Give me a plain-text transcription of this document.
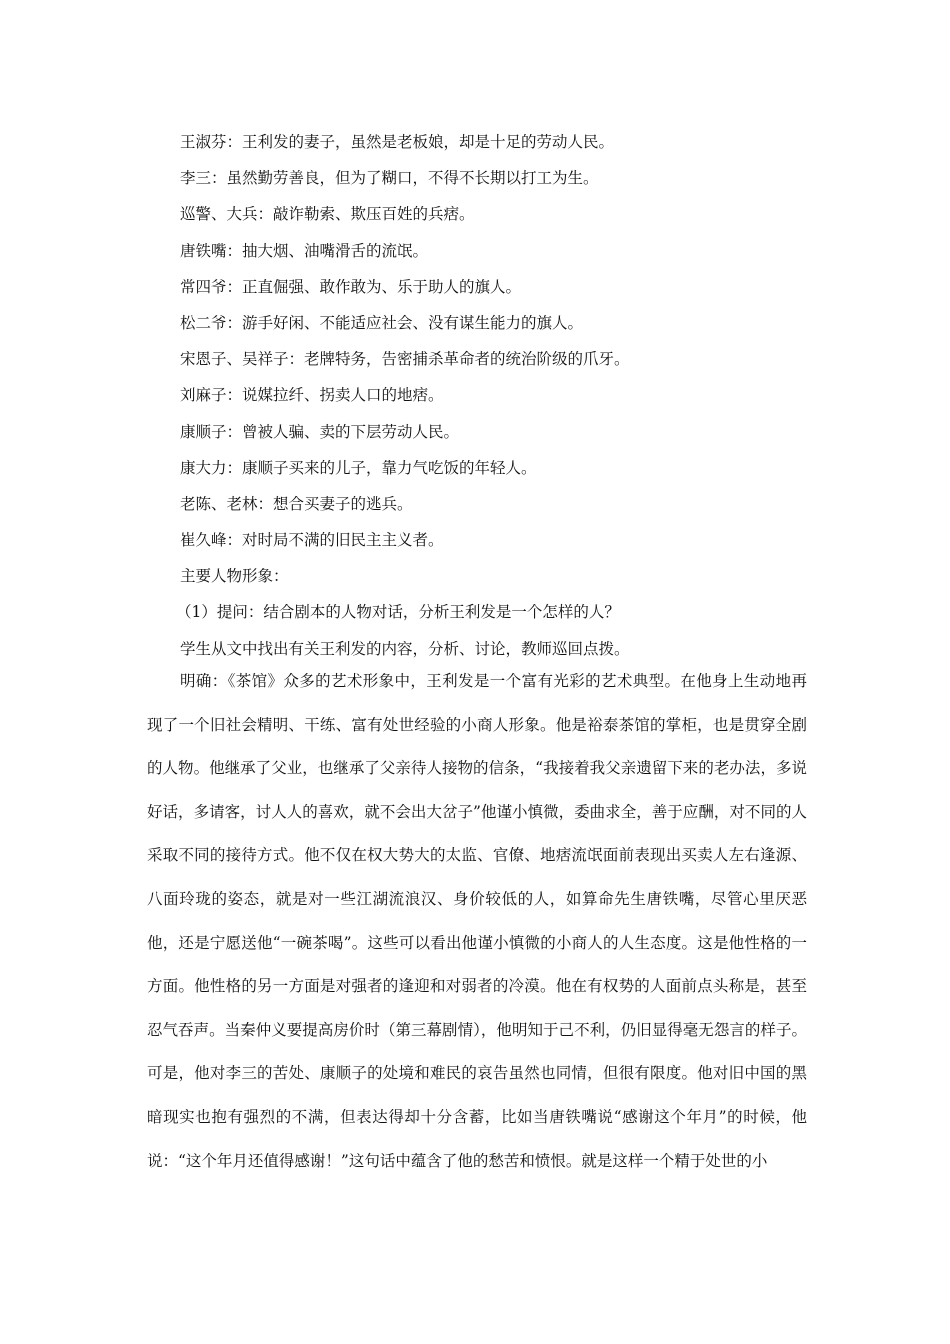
王淑芬：王利发的妻子，虽然是老板娘，却是十足的劳动人民。

李三：虽然勤劳善良，但为了糊口，不得不长期以打工为生。

巡警、大兵：敲诈勒索、欺压百姓的兵痞。

唐铁嘴：抽大烟、油嘴滑舌的流氓。

常四爷：正直倔强、敢作敢为、乐于助人的旗人。

松二爷：游手好闲、不能适应社会、没有谋生能力的旗人。

宋恩子、吴祥子：老牌特务，告密捕杀革命者的统治阶级的爪牙。

刘麻子：说媒拉纤、拐卖人口的地痞。

康顺子：曾被人骗、卖的下层劳动人民。

康大力：康顺子买来的儿子，靠力气吃饭的年轻人。

老陈、老林：想合买妻子的逃兵。

崔久峰：对时局不满的旧民主主义者。

主要人物形象：

（1）提问：结合剧本的人物对话，分析王利发是一个怎样的人？

学生从文中找出有关王利发的内容，分析、讨论，教师巡回点拨。

明确：《茶馆》众多的艺术形象中，王利发是一个富有光彩的艺术典型。在他身上生动地再现了一个旧社会精明、干练、富有处世经验的小商人形象。他是裕泰茶馆的掌柜，也是贯穿全剧的人物。他继承了父业，也继承了父亲待人接物的信条，“我接着我父亲遗留下来的老办法，多说好话，多请客，讨人人的喜欢，就不会出大岔子”他谨小慎微，委曲求全，善于应酬，对不同的人采取不同的接待方式。他不仅在权大势大的太监、官僚、地痞流氓面前表现出买卖人左右逢源、八面玲珑的姿态，就是对一些江湖流浪汉、身价较低的人，如算命先生唐铁嘴，尽管心里厌恶他，还是宁愿送他“一碗茶喝”。这些可以看出他谨小慎微的小商人的人生态度。这是他性格的一方面。他性格的另一方面是对强者的逢迎和对弱者的冷漠。他在有权势的人面前点头称是，甚至忍气吞声。当秦仲义要提高房价时（第三幕剧情），他明知于己不利，仍旧显得毫无怨言的样子。可是，他对李三的苦处、康顺子的处境和难民的哀告虽然也同情，但很有限度。他对旧中国的黑暗现实也抱有强烈的不满，但表达得却十分含蓄，比如当唐铁嘴说“感谢这个年月”的时候，他说：“这个年月还值得感谢！”这句话中蕴含了他的愁苦和愤恨。就是这样一个精于处世的小
